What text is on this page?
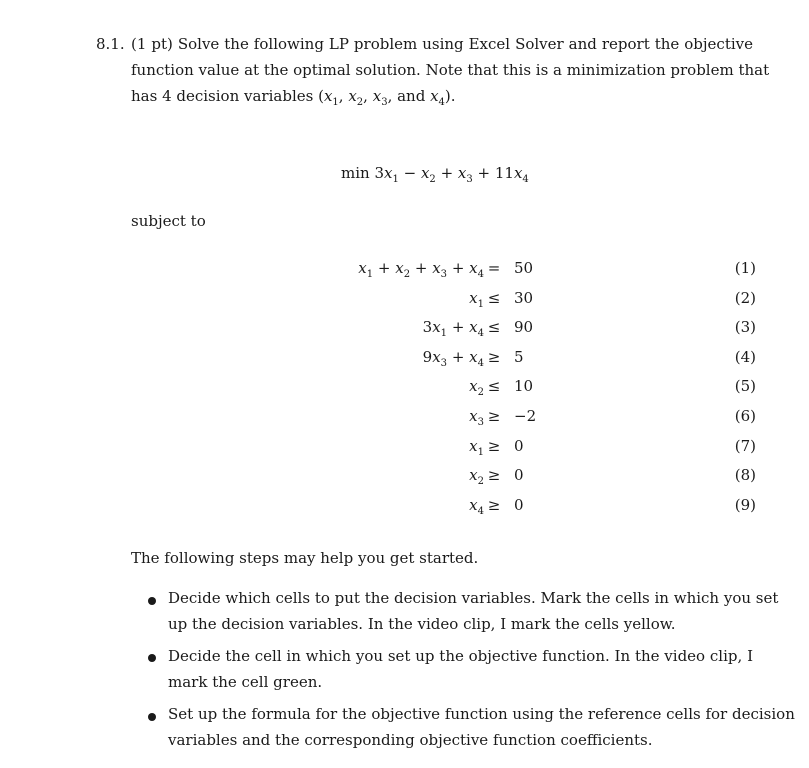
8.1. (1 pt) Solve the following LP problem using Excel Solver and report the objective
function value at the optimal solution. Note that this is a minimization problem that
has 4 decision variables ($x_1$, $x_2$, $x_3$, and $x_4$).
$\min 3x_1 - x_2 + x_3 + 11x_4$
subject to
$x_1 + x_2 + x_3 + x_4 = 50$	(1)
$x_1 \le 30$	(2)
$3x_1 + x_4 \le 90$	(3)
$9x_3 + x_4 \ge 5$	(4)
$x_2 \le 10$	(5)
$x_3 \ge -2$	(6)
$x_1 \ge 0$	(7)
$x_2 \ge 0$	(8)
$x_4 \ge 0$	(9)
The following steps may help you get started.
Decide which cells to put the decision variables. Mark the cells in which you set
up the decision variables. In the video clip, I mark the cells yellow.
Decide the cell in which you set up the objective function. In the video clip, I
mark the cell green.
Set up the formula for the objective function using the reference cells for decision
variables and the corresponding objective function coefficients.
